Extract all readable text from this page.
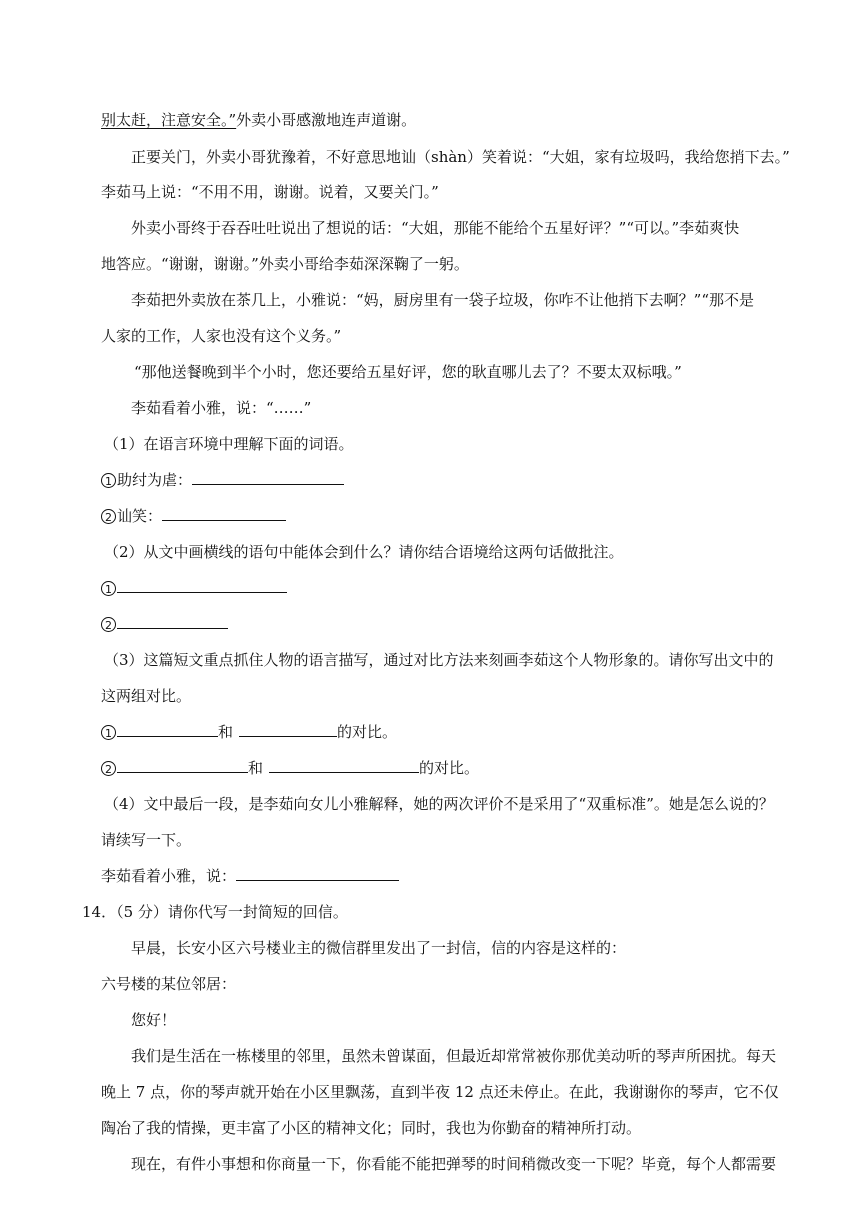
别太赶，注意安全。”外卖小哥感激地连声道谢。
正要关门，外卖小哥犹豫着，不好意思地讪（shàn）笑着说：“大姐，家有垃圾吗，我给您捎下去。”
李茹马上说：“不用不用，谢谢。说着，又要关门。”
外卖小哥终于吞吞吐吐说出了想说的话：“大姐，那能不能给个五星好评？”“可以。”李茹爽快
地答应。“谢谢，谢谢。”外卖小哥给李茹深深鞠了一躬。
李茹把外卖放在茶几上，小雅说：“妈，厨房里有一袋子垃圾，你咋不让他捎下去啊？”“那不是
人家的工作，人家也没有这个义务。”
“那他送餐晚到半个小时，您还要给五星好评，您的耿直哪儿去了？不要太双标哦。”
李茹看着小雅，说：“……”
（1）在语言环境中理解下面的词语。
1 助纣为虐：
2 讪笑：
（2）从文中画横线的语句中能体会到什么？请你结合语境给这两句话做批注。
1
2
（3）这篇短文重点抓住人物的语言描写，通过对比方法来刻画李茹这个人物形象的。请你写出文中的
这两组对比。
1	和	的对比。
2	和	的对比。
（4）文中最后一段，是李茹向女儿小雅解释，她的两次评价不是采用了“双重标准”。她是怎么说的？
请续写一下。
李茹看着小雅，说：
14．（5 分）请你代写一封简短的回信。
早晨，长安小区六号楼业主的微信群里发出了一封信，信的内容是这样的：
六号楼的某位邻居：
您好！
我们是生活在一栋楼里的邻里，虽然未曾谋面，但最近却常常被你那优美动听的琴声所困扰。每天
晚上 7 点，你的琴声就开始在小区里飘荡，直到半夜 12 点还未停止。在此，我谢谢你的琴声，它不仅
陶冶了我的情操，更丰富了小区的精神文化；同时，我也为你勤奋的精神所打动。
现在，有件小事想和你商量一下，你看能不能把弹琴的时间稍微改变一下呢？毕竟，每个人都需要
